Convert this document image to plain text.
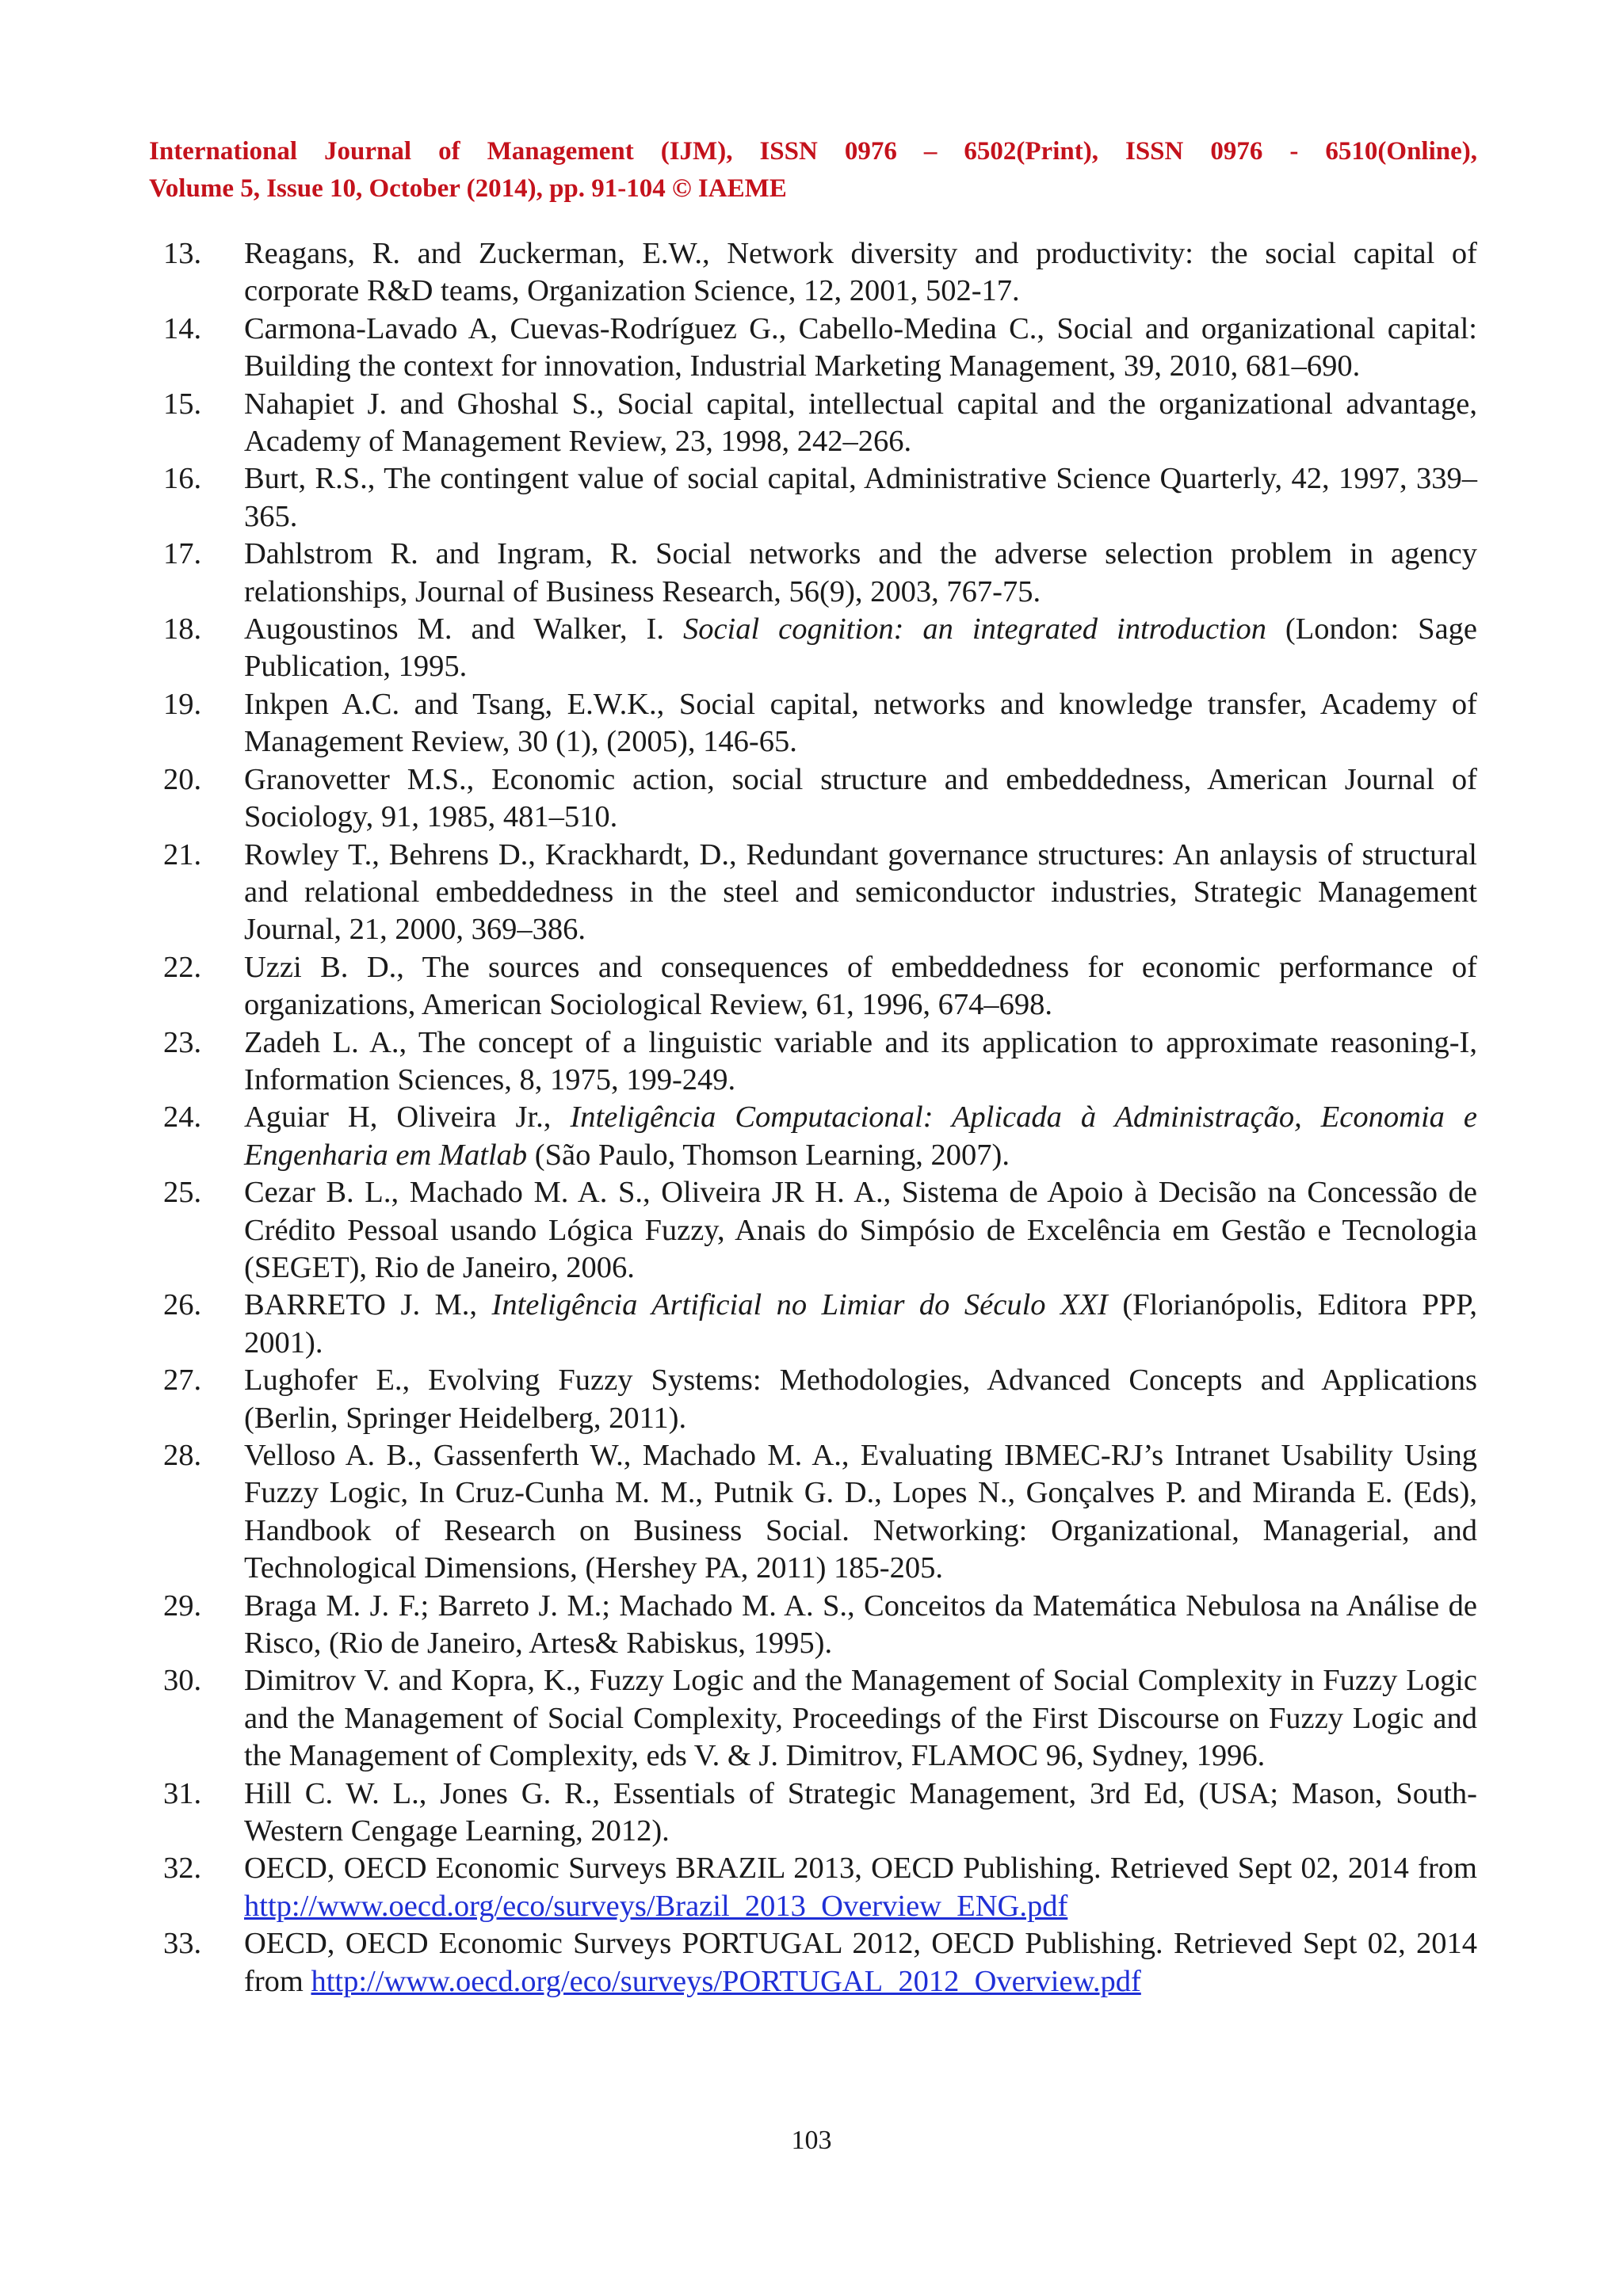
International Journal of Management (IJM), ISSN 0976 – 6502(Print), ISSN 0976 - 6510(Online),
Volume 5, Issue 10, October (2014), pp. 91-104 © IAEME
13.	Reagans, R. and Zuckerman, E.W., Network diversity and productivity: the social capital of corporate R&D teams, Organization Science, 12, 2001, 502-17.
14.	Carmona-Lavado A, Cuevas-Rodríguez G., Cabello-Medina C., Social and organizational capital: Building the context for innovation, Industrial Marketing Management, 39, 2010, 681–690.
15.	Nahapiet J. and Ghoshal S., Social capital, intellectual capital and the organizational advantage, Academy of Management Review, 23, 1998, 242–266.
16.	Burt, R.S., The contingent value of social capital, Administrative Science Quarterly, 42, 1997, 339–365.
17.	Dahlstrom R. and Ingram, R. Social networks and the adverse selection problem in agency relationships, Journal of Business Research, 56(9), 2003, 767-75.
18.	Augoustinos M. and Walker, I. Social cognition: an integrated introduction (London: Sage Publication, 1995.
19.	Inkpen A.C. and Tsang, E.W.K., Social capital, networks and knowledge transfer, Academy of Management Review, 30 (1), (2005), 146-65.
20.	Granovetter M.S., Economic action, social structure and embeddedness, American Journal of Sociology, 91, 1985, 481–510.
21.	Rowley T., Behrens D., Krackhardt, D., Redundant governance structures: An anlaysis of structural and relational embeddedness in the steel and semiconductor industries, Strategic Management Journal, 21, 2000, 369–386.
22.	Uzzi B. D., The sources and consequences of embeddedness for economic performance of organizations, American Sociological Review, 61, 1996, 674–698.
23.	Zadeh L. A., The concept of a linguistic variable and its application to approximate reasoning-I, Information Sciences, 8, 1975, 199-249.
24.	Aguiar H, Oliveira Jr., Inteligência Computacional: Aplicada à Administração, Economia e Engenharia em Matlab (São Paulo, Thomson Learning, 2007).
25.	Cezar B. L., Machado M. A. S., Oliveira JR H. A., Sistema de Apoio à Decisão na Concessão de Crédito Pessoal usando Lógica Fuzzy, Anais do Simpósio de Excelência em Gestão e Tecnologia (SEGET), Rio de Janeiro, 2006.
26.	BARRETO J. M., Inteligência Artificial no Limiar do Século XXI (Florianópolis, Editora PPP, 2001).
27.	Lughofer E., Evolving Fuzzy Systems: Methodologies, Advanced Concepts and Applications (Berlin, Springer Heidelberg, 2011).
28.	Velloso A. B., Gassenferth W., Machado M. A., Evaluating IBMEC-RJ’s Intranet Usability Using Fuzzy Logic, In Cruz-Cunha M. M., Putnik G. D., Lopes N., Gonçalves P. and Miranda E. (Eds), Handbook of Research on Business Social. Networking: Organizational, Managerial, and Technological Dimensions, (Hershey PA, 2011) 185-205.
29.	Braga M. J. F.; Barreto J. M.; Machado M. A. S., Conceitos da Matemática Nebulosa na Análise de Risco, (Rio de Janeiro, Artes& Rabiskus, 1995).
30.	Dimitrov V. and Kopra, K., Fuzzy Logic and the Management of Social Complexity in Fuzzy Logic and the Management of Social Complexity, Proceedings of the First Discourse on Fuzzy Logic and the Management of Complexity, eds V. & J. Dimitrov, FLAMOC 96, Sydney, 1996.
31.	Hill C. W. L., Jones G. R., Essentials of Strategic Management, 3rd Ed, (USA; Mason, South-Western Cengage Learning, 2012).
32.	OECD, OECD Economic Surveys BRAZIL 2013, OECD Publishing. Retrieved Sept 02, 2014 from http://www.oecd.org/eco/surveys/Brazil_2013_Overview_ENG.pdf
33.	OECD, OECD Economic Surveys PORTUGAL 2012, OECD Publishing. Retrieved Sept 02, 2014 from http://www.oecd.org/eco/surveys/PORTUGAL_2012_Overview.pdf
103
